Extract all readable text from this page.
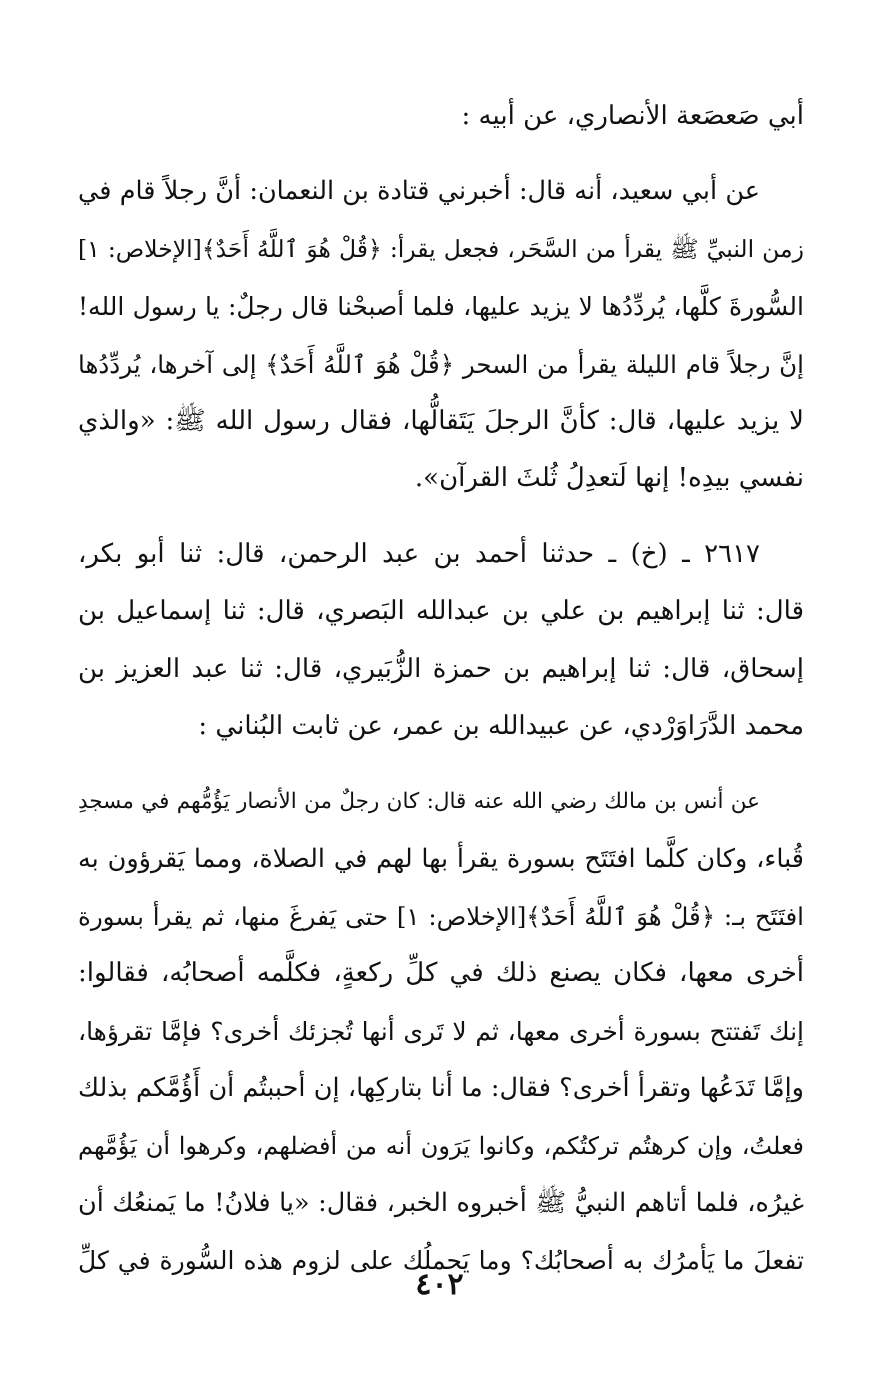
أبي صَعصَعة الأنصاري، عن أبيه :
عن أبي سعيد، أنه قال: أخبرني قتادة بن النعمان: أنَّ رجلاً قام في
زمن النبيِّ ﷺ يقرأ من السَّحَر، فجعل يقرأ: ﴿قُلْ هُوَ ٱللَّهُ أَحَدٌ﴾[الإخلاص: ١]
السُّورةَ كلَّها، يُردِّدُها لا يزيد عليها، فلما أصبحْنا قال رجلٌ: يا رسول الله!
إنَّ رجلاً قام الليلة يقرأ من السحر ﴿قُلْ هُوَ ٱللَّهُ أَحَدٌ﴾ إلى آخرها، يُردِّدُها
لا يزيد عليها، قال: كأنَّ الرجلَ يَتَقالُّها، فقال رسول الله ﷺ: «والذي
نفسي بيدِه! إنها لَتعدِلُ ثُلثَ القرآن».
٢٦١٧ ـ (خ) ـ حدثنا أحمد بن عبد الرحمن، قال: ثنا أبو بكر،
قال: ثنا إبراهيم بن علي بن عبدالله البَصري، قال: ثنا إسماعيل بن
إسحاق، قال: ثنا إبراهيم بن حمزة الزُّبَيري، قال: ثنا عبد العزيز بن
محمد الدَّرَاوَرْدي، عن عبيدالله بن عمر، عن ثابت البُناني :
عن أنس بن مالك رضي الله عنه قال: كان رجلٌ من الأنصار يَؤُمُّهم في مسجدِ
قُباء، وكان كلَّما افتَتَح بسورة يقرأ بها لهم في الصلاة، ومما يَقرؤون به
افتَتَح بـ: ﴿قُلْ هُوَ ٱللَّهُ أَحَدٌ﴾[الإخلاص: ١] حتى يَفرغَ منها، ثم يقرأ بسورة
أخرى معها، فكان يصنع ذلك في كلِّ ركعةٍ، فكلَّمه أصحابُه، فقالوا:
إنك تَفتتح بسورة أخرى معها، ثم لا تَرى أنها تُجزئك أخرى؟ فإمَّا تقرؤها،
وإمَّا تَدَعُها وتقرأ أخرى؟ فقال: ما أنا بتاركِها، إن أحببتُم أن أَؤُمَّكم بذلك
فعلتُ، وإن كرهتُم تركتُكم، وكانوا يَرَون أنه من أفضلهم، وكرهوا أن يَؤُمَّهم
غيرُه، فلما أتاهم النبيُّ ﷺ أخبروه الخبر، فقال: «يا فلانُ! ما يَمنعُك أن
تفعلَ ما يَأمرُك به أصحابُك؟ وما يَحملُك على لزوم هذه السُّورة في كلِّ
٤٠٢
